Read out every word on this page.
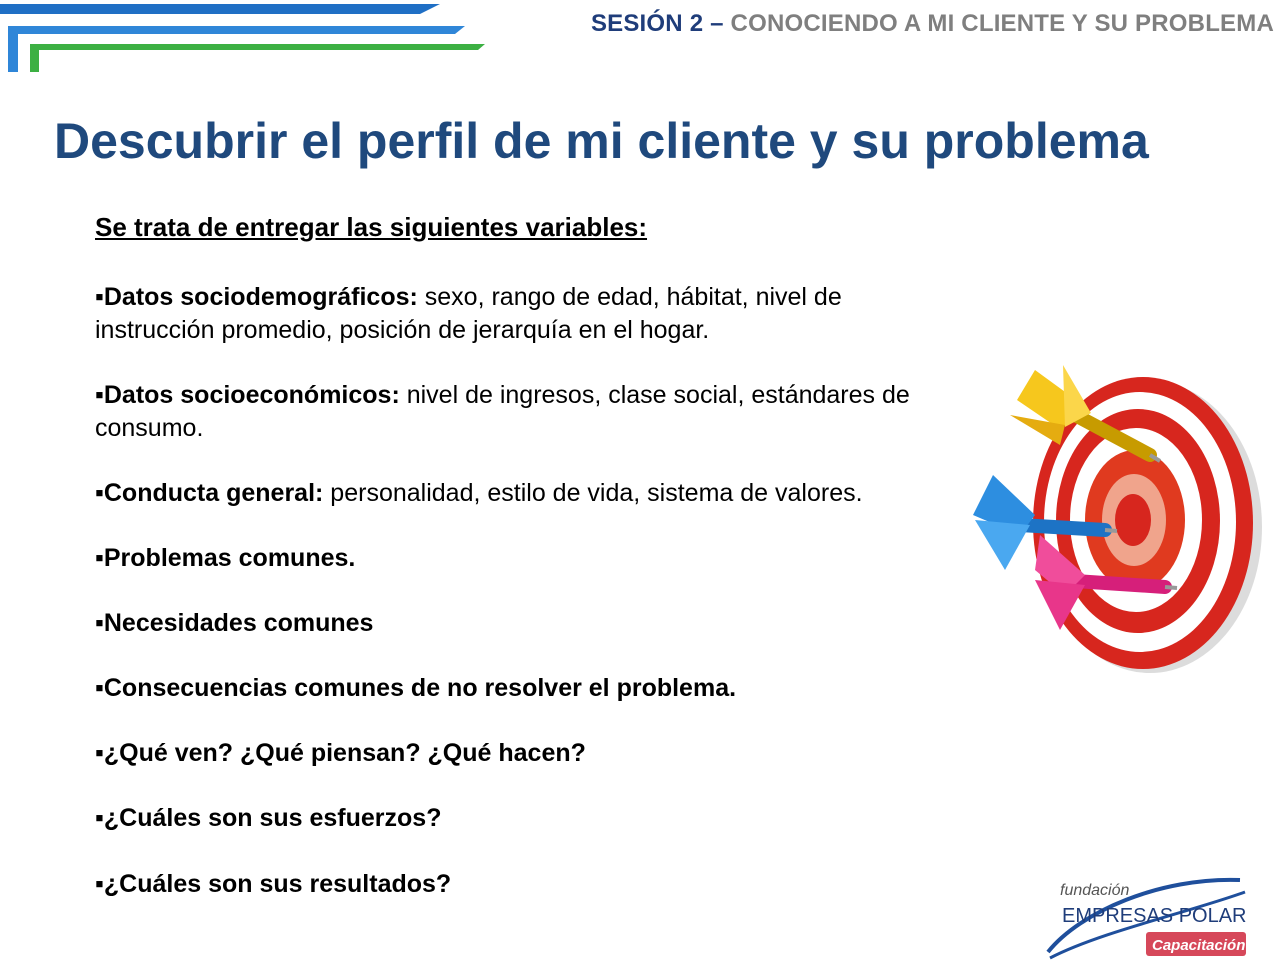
SESIÓN 2 – CONOCIENDO A MI CLIENTE Y SU PROBLEMA
Descubrir el perfil de mi cliente y su problema

Se trata de entregar las siguientes variables:

▪Datos sociodemográficos: sexo, rango de edad, hábitat, nivel de instrucción promedio, posición de jerarquía en el hogar.
▪Datos socioeconómicos: nivel de ingresos, clase social, estándares de consumo.
▪Conducta general: personalidad, estilo de vida, sistema de valores.
▪Problemas comunes.
▪Necesidades comunes
▪Consecuencias comunes de no resolver el problema.
▪¿Qué ven? ¿Qué piensan? ¿Qué hacen?
▪¿Cuáles son sus esfuerzos?
▪¿Cuáles son sus resultados?	fundación
EMPRESAS POLAR
Capacitación
